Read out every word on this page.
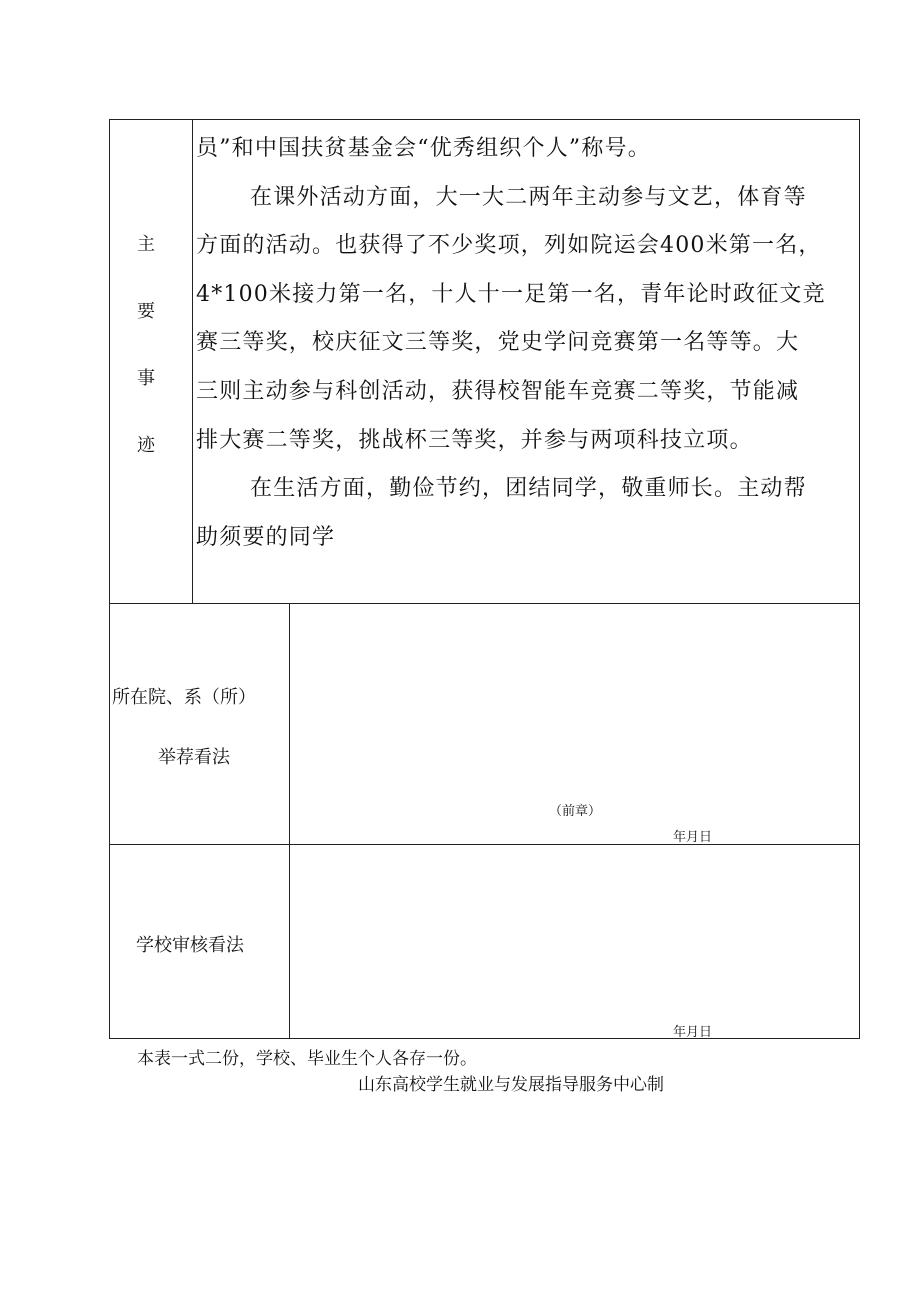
主
要
事
迹
员”和中国扶贫基金会“优秀组织个人”称号。
在课外活动方面，大一大二两年主动参与文艺，体育等
方面的活动。也获得了不少奖项，列如院运会400米第一名，
4*100米接力第一名，十人十一足第一名，青年论时政征文竞
赛三等奖，校庆征文三等奖，党史学问竞赛第一名等等。大
三则主动参与科创活动，获得校智能车竞赛二等奖，节能减
排大赛二等奖，挑战杯三等奖，并参与两项科技立项。
在生活方面，勤俭节约，团结同学，敬重师长。主动帮
助须要的同学
所在院、系（所）
举荐看法
（前章）
年月日
学校审核看法
年月日
本表一式二份，学校、毕业生个人各存一份。
山东高校学生就业与发展指导服务中心制
